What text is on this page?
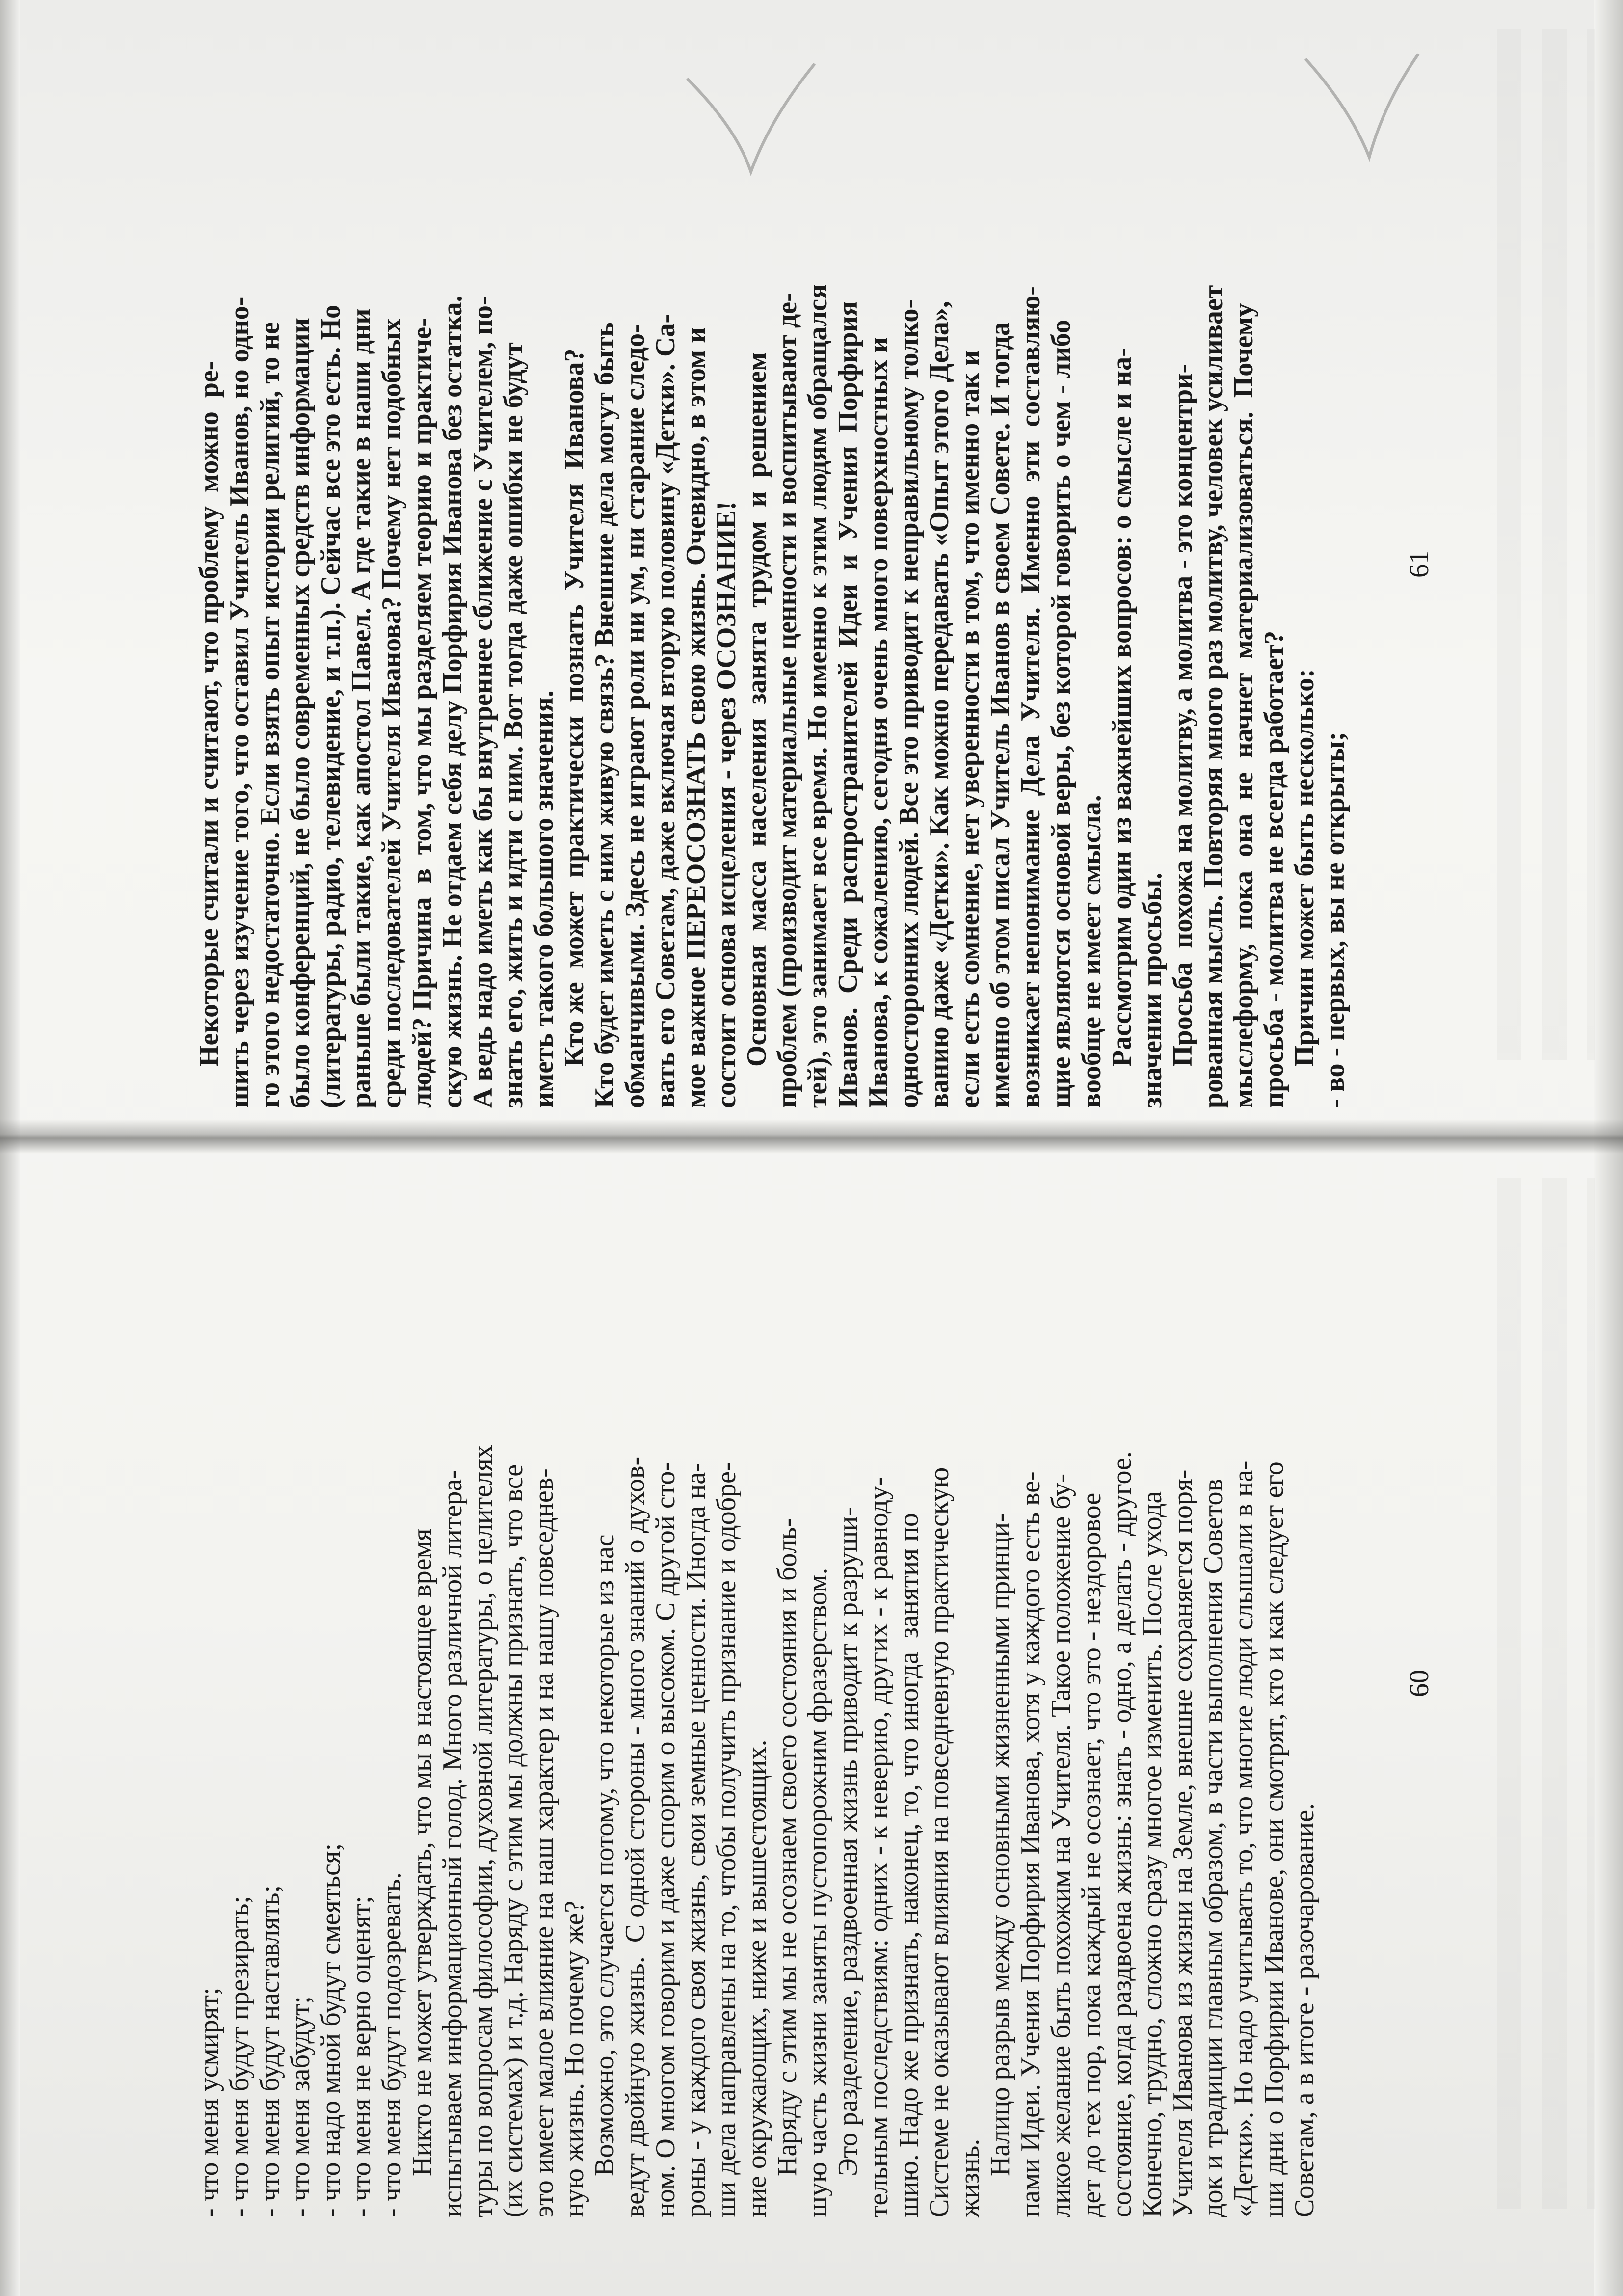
61
Некоторые считали и считают, что проблему  можно  ре- шить через изучение того, что оставил Учитель Иванов, но одно- го этого недостаточно. Если взять опыт истории религий, то не было конференций, не было современных средств информации (литературы, радио, телевидение, и т.п.). Сейчас все это есть. Но раньше были такие, как апостол Павел. А где такие в наши дни среди последователей Учителя Иванова? Почему нет подобных людей? Причина  в  том, что мы разделяем теорию и практиче- скую жизнь. Не отдаем себя делу Порфирия Иванова без остатка. А ведь надо иметь как бы внутреннее сближение с Учителем, по- знать его, жить и идти с ним. Вот тогда даже ошибки не будут иметь такого большого значения. Кто же  может  практически  познать  Учителя  Иванова? Кто будет иметь с ним живую связь? Внешние дела могут быть обманчивыми. Здесь не играют роли ни ум, ни старание следо- вать его Советам, даже включая вторую половину «Детки». Са- мое важное ПЕРЕОСОЗНАТЬ свою жизнь. Очевидно, в этом и состоит основа исцеления - через ОСОЗНАНИЕ! Основная  масса  населения  занята  трудом  и  решением проблем (производит материальные ценности и воспитывают де- тей), это занимает все время. Но именно к этим людям обращался Иванов.  Среди  распространителей  Идеи  и  Учения  Порфирия Иванова, к сожалению, сегодня очень много поверхностных и односторонних людей. Все это приводит к неправильному толко- ванию даже «Детки». Как можно передавать «Опыт этого Дела», если есть сомнение, нет уверенности в том, что именно так и именно об этом писал Учитель Иванов в своем Совете. И тогда возникает непонимание  Дела  Учителя.  Именно  эти  составляю- щие являются основой веры, без которой говорить о чем - либо вообще не имеет смысла. Рассмотрим один из важнейших вопросов: о смысле и на- значении просьбы. Просьба  похожа на молитву, а молитва - это концентри- рованная мысль. Повторяя много раз молитву, человек усиливает мыслеформу,  пока  она  не  начнет  материализоваться.  Почему просьба - молитва не всегда работает? Причин может быть несколько: - во - первых, вы не открыты;
60
- что меня усмирят; - что меня будут презирать; - что меня будут наставлять; - что меня забудут; - что надо мной будут смеяться; - что меня не верно оценят; - что меня будут подозревать. Никто не может утверждать, что мы в настоящее время испытываем информационный голод. Много различной литера- туры по вопросам философии, духовной литературы, о целителях (их системах) и т.д. Наряду с этим мы должны признать, что все это имеет малое влияние на наш характер и на нашу повседнев- ную жизнь. Но почему же? Возможно, это случается потому, что некоторые из нас ведут двойную жизнь.  С одной стороны - много знаний о духов- ном. О многом говорим и даже спорим о высоком. С другой сто- роны - у каждого своя жизнь, свои земные ценности. Иногда на- ши дела направлены на то, чтобы получить признание и одобре- ние окружающих, ниже и вышестоящих. Наряду с этим мы не осознаем своего состояния и боль- шую часть жизни заняты пустопорожним фразерством. Это разделение, раздвоенная жизнь приводит к разруши- тельным последствиям: одних - к неверию, других - к равноду- шию. Надо же признать, наконец, то, что иногда  занятия по Системе не оказывают влияния на повседневную практическую жизнь. Налицо разрыв между основными жизненными принци- пами Идеи. Учения Порфирия Иванова, хотя у каждого есть ве- ликое желание быть похожим на Учителя. Такое положение бу- дет до тех пор, пока каждый не осознает, что это - нездоровое состояние, когда раздвоена жизнь: знать - одно, а делать - другое. Конечно, трудно, сложно сразу многое изменить. После ухода Учителя Иванова из жизни на Земле, внешне сохраняется поря- док и традиции главным образом, в части выполнения Советов «Детки». Но надо учитывать то, что многие люди слышали в на- ши дни о Порфирии Иванове, они смотрят, кто и как следует его Советам, а в итоге - разочарование.
